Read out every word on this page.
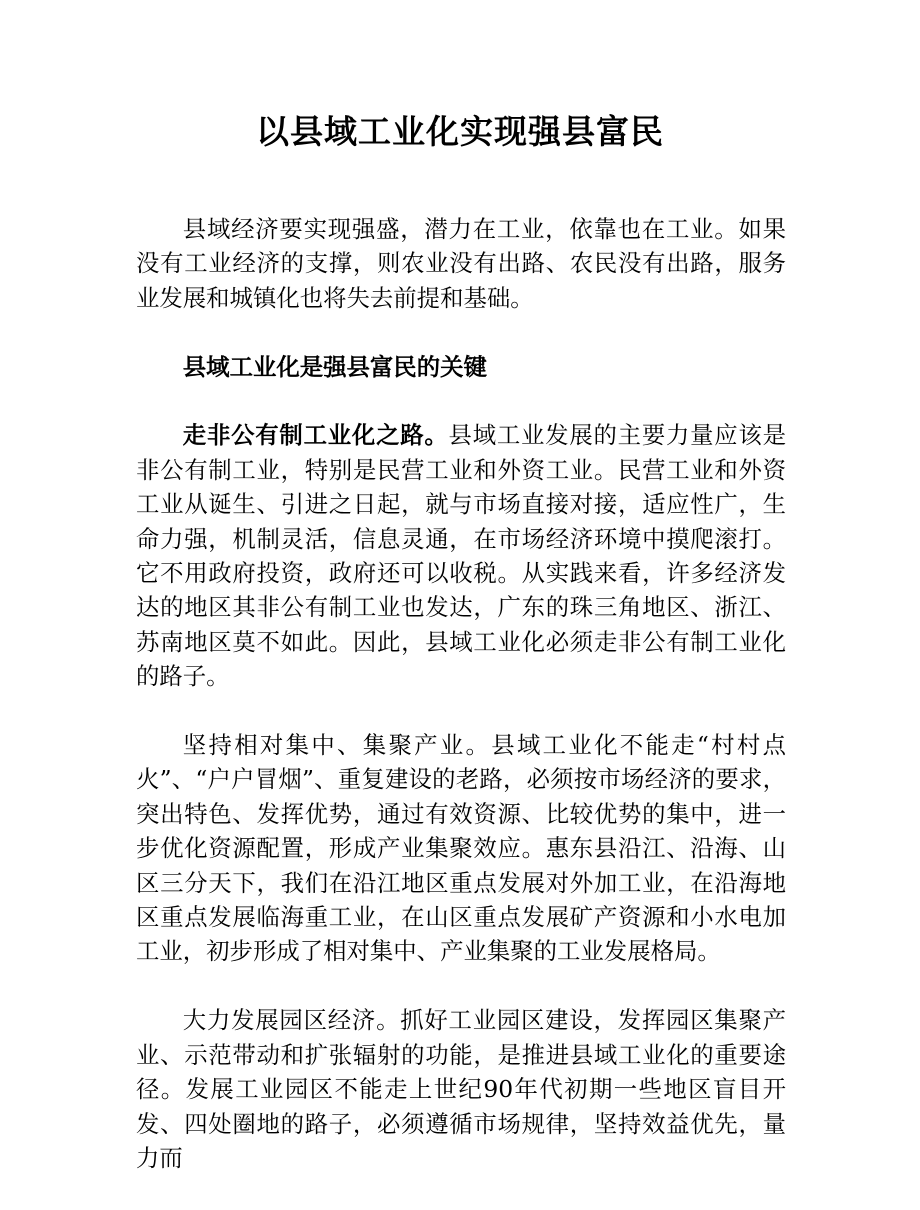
以县域工业化实现强县富民

县域经济要实现强盛，潜力在工业，依靠也在工业。如果没有工业经济的支撑，则农业没有出路、农民没有出路，服务业发展和城镇化也将失去前提和基础。

县域工业化是强县富民的关键

走非公有制工业化之路。县域工业发展的主要力量应该是非公有制工业，特别是民营工业和外资工业。民营工业和外资工业从诞生、引进之日起，就与市场直接对接，适应性广，生命力强，机制灵活，信息灵通，在市场经济环境中摸爬滚打。它不用政府投资，政府还可以收税。从实践来看，许多经济发达的地区其非公有制工业也发达，广东的珠三角地区、浙江、苏南地区莫不如此。因此，县域工业化必须走非公有制工业化的路子。

坚持相对集中、集聚产业。县域工业化不能走“村村点火”、“户户冒烟”、重复建设的老路，必须按市场经济的要求，突出特色、发挥优势，通过有效资源、比较优势的集中，进一步优化资源配置，形成产业集聚效应。惠东县沿江、沿海、山区三分天下，我们在沿江地区重点发展对外加工业，在沿海地区重点发展临海重工业，在山区重点发展矿产资源和小水电加工业，初步形成了相对集中、产业集聚的工业发展格局。

大力发展园区经济。抓好工业园区建设，发挥园区集聚产业、示范带动和扩张辐射的功能，是推进县域工业化的重要途径。发展工业园区不能走上世纪90年代初期一些地区盲目开发、四处圈地的路子，必须遵循市场规律，坚持效益优先，量力而
